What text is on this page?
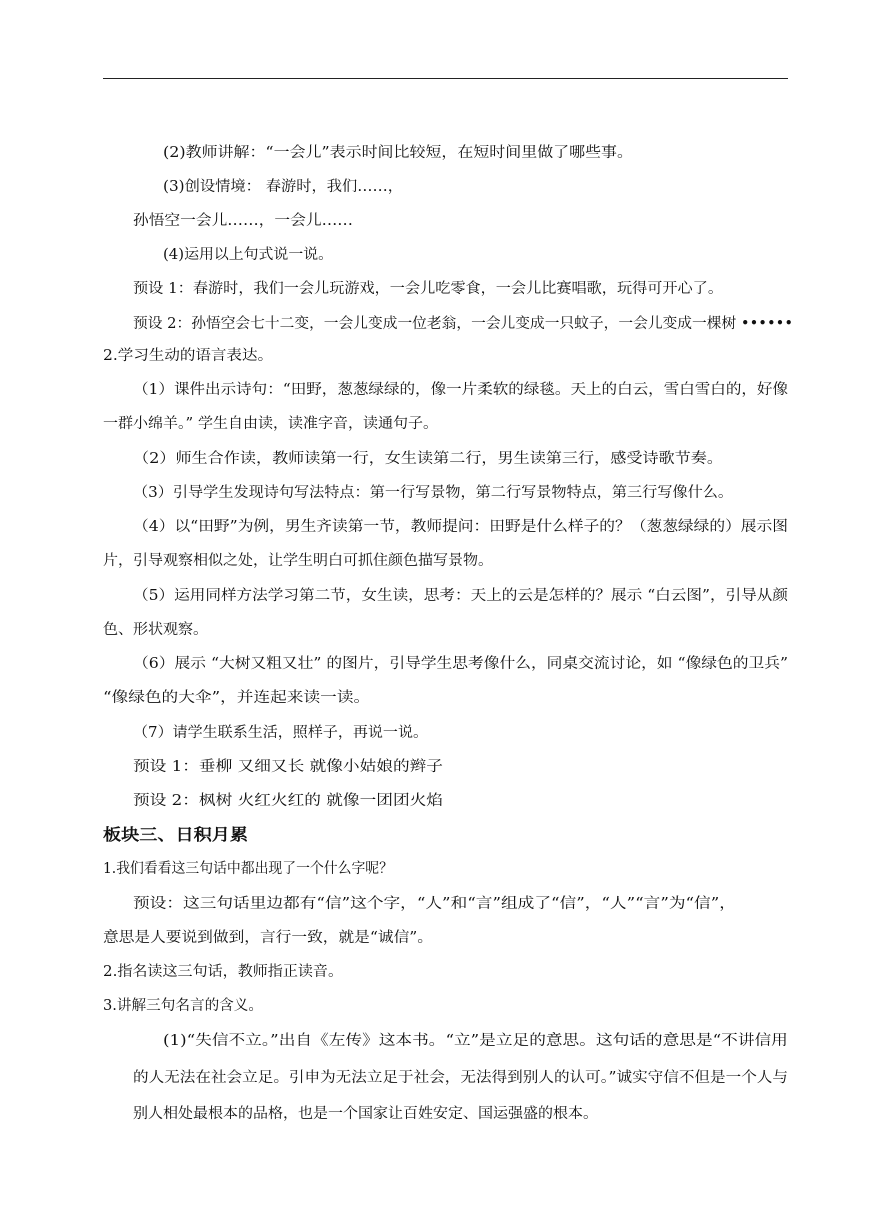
(2)教师讲解：“一会儿”表示时间比较短，在短时间里做了哪些事。
(3)创设情境： 春游时，我们……，
孙悟空一会儿……，一会儿……
(4)运用以上句式说一说。
预设 1：春游时，我们一会儿玩游戏，一会儿吃零食，一会儿比赛唱歌，玩得可开心了。
预设 2：孙悟空会七十二变，一会儿变成一位老翁，一会儿变成一只蚊子，一会儿变成一棵树 ••••••
2.学习生动的语言表达。
（1）课件出示诗句：“田野，葱葱绿绿的，像一片柔软的绿毯。天上的白云，雪白雪白的，好像
一群小绵羊。” 学生自由读，读准字音，读通句子。
（2）师生合作读，教师读第一行，女生读第二行，男生读第三行，感受诗歌节奏。
（3）引导学生发现诗句写法特点：第一行写景物，第二行写景物特点，第三行写像什么。
（4）以“田野”为例，男生齐读第一节，教师提问：田野是什么样子的？（葱葱绿绿的）展示图
片，引导观察相似之处，让学生明白可抓住颜色描写景物。
（5）运用同样方法学习第二节，女生读，思考：天上的云是怎样的？展示 “白云图”，引导从颜
色、形状观察。
（6）展示 “大树又粗又壮” 的图片，引导学生思考像什么，同桌交流讨论，如 “像绿色的卫兵”
“像绿色的大伞”，并连起来读一读。
（7）请学生联系生活，照样子，再说一说。
预设 1：垂柳 又细又长 就像小姑娘的辫子
预设 2：枫树 火红火红的 就像一团团火焰
板块三、日积月累
1.我们看看这三句话中都出现了一个什么字呢？
预设：这三句话里边都有“信”这个字，“人”和“言”组成了“信”，“人”“言”为“信”，
意思是人要说到做到，言行一致，就是“诚信”。
2.指名读这三句话，教师指正读音。
3.讲解三句名言的含义。
(1)“失信不立。”出自《左传》这本书。“立”是立足的意思。这句话的意思是“不讲信用
的人无法在社会立足。引申为无法立足于社会，无法得到别人的认可。”诚实守信不但是一个人与
别人相处最根本的品格，也是一个国家让百姓安定、国运强盛的根本。
